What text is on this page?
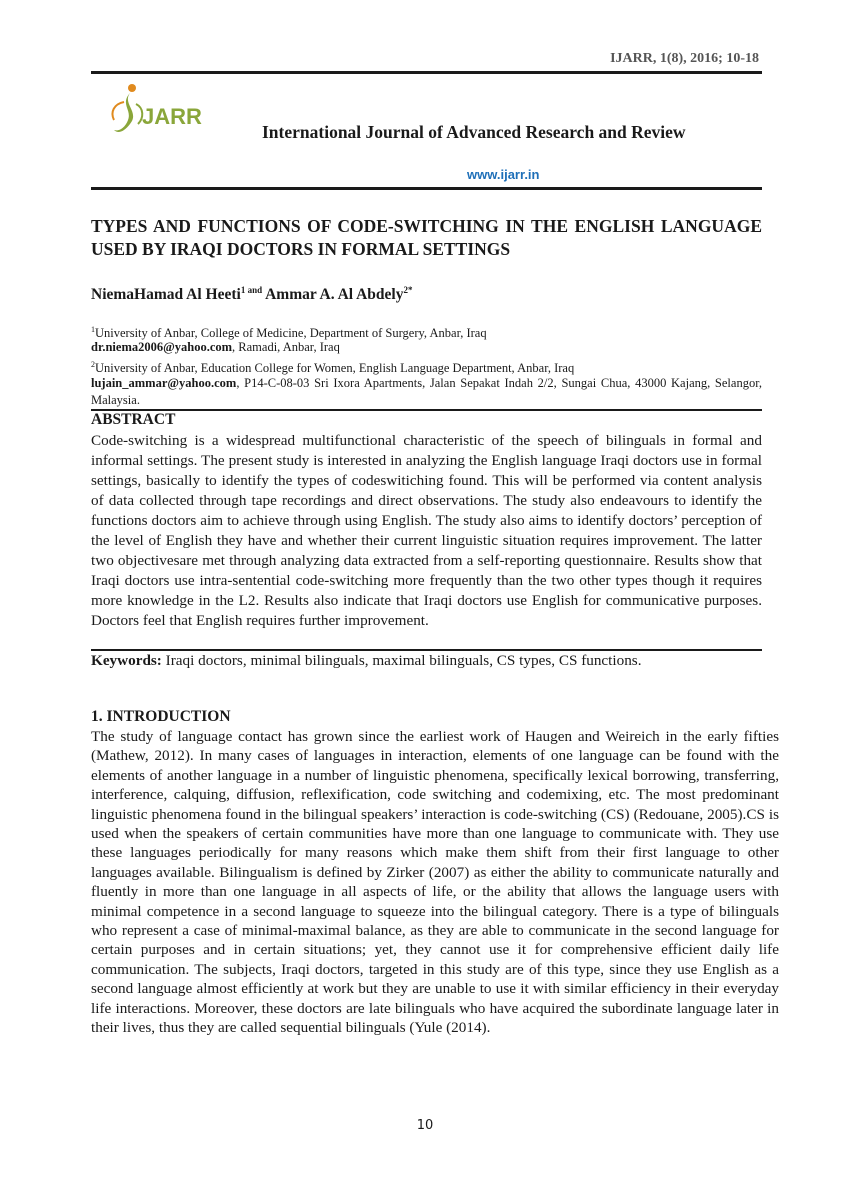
IJARR, 1(8), 2016; 10-18
JARR
International Journal of Advanced Research and Review
www.ijarr.in
TYPES AND FUNCTIONS OF CODE-SWITCHING IN THE ENGLISH LANGUAGE USED BY IRAQI DOCTORS IN FORMAL SETTINGS
NiemaHamad Al Heeti$^{1 and}$ Ammar A. Al Abdely$^{2*}$
$^1$University of Anbar, College of Medicine, Department of Surgery, Anbar, Iraq
dr.niema2006@yahoo.com, Ramadi, Anbar, Iraq
$^2$University of Anbar, Education College for Women, English Language Department, Anbar, Iraq
lujain_ammar@yahoo.com, P14-C-08-03 Sri Ixora Apartments, Jalan Sepakat Indah 2/2, Sungai Chua, 43000 Kajang, Selangor, Malaysia.
ABSTRACT

Code-switching is a widespread multifunctional characteristic of the speech of bilinguals in formal and informal settings. The present study is interested in analyzing the English language Iraqi doctors use in formal settings, basically to identify the types of codeswitiching found. This will be performed via content analysis of data collected through tape recordings and direct observations. The study also endeavours to identify the functions doctors aim to achieve through using English. The study also aims to identify doctors’ perception of the level of English they have and whether their current linguistic situation requires improvement. The latter two objectivesare met through analyzing data extracted from a self-reporting questionnaire. Results show that Iraqi doctors use intra-sentential code-switching more frequently than the two other types though it requires more knowledge in the L2. Results also indicate that Iraqi doctors use English for communicative purposes. Doctors feel that English requires further improvement.

Keywords: Iraqi doctors, minimal bilinguals, maximal bilinguals, CS types, CS functions.
1. INTRODUCTION

The study of language contact has grown since the earliest work of Haugen and Weireich in the early fifties (Mathew, 2012). In many cases of languages in interaction, elements of one language can be found with the elements of another language in a number of linguistic phenomena, specifically lexical borrowing, transferring, interference, calquing, diffusion, reflexification, code switching and codemixing, etc. The most predominant linguistic phenomena found in the bilingual speakers’ interaction is code-switching (CS) (Redouane, 2005).CS is used when the speakers of certain communities have more than one language to communicate with. They use these languages periodically for many reasons which make them shift from their first language to other languages available. Bilingualism is defined by Zirker (2007) as either the ability to communicate naturally and fluently in more than one language in all aspects of life, or the ability that allows the language users with minimal competence in a second language to squeeze into the bilingual category. There is a type of bilinguals who represent a case of minimal-maximal balance, as they are able to communicate in the second language for certain purposes and in certain situations; yet, they cannot use it for comprehensive efficient daily life communication. The subjects, Iraqi doctors, targeted in this study are of this type, since they use English as a second language almost efficiently at work but they are unable to use it with similar efficiency in their everyday life interactions. Moreover, these doctors are late bilinguals who have acquired the subordinate language later in their lives, thus they are called sequential bilinguals (Yule (2014).

10
